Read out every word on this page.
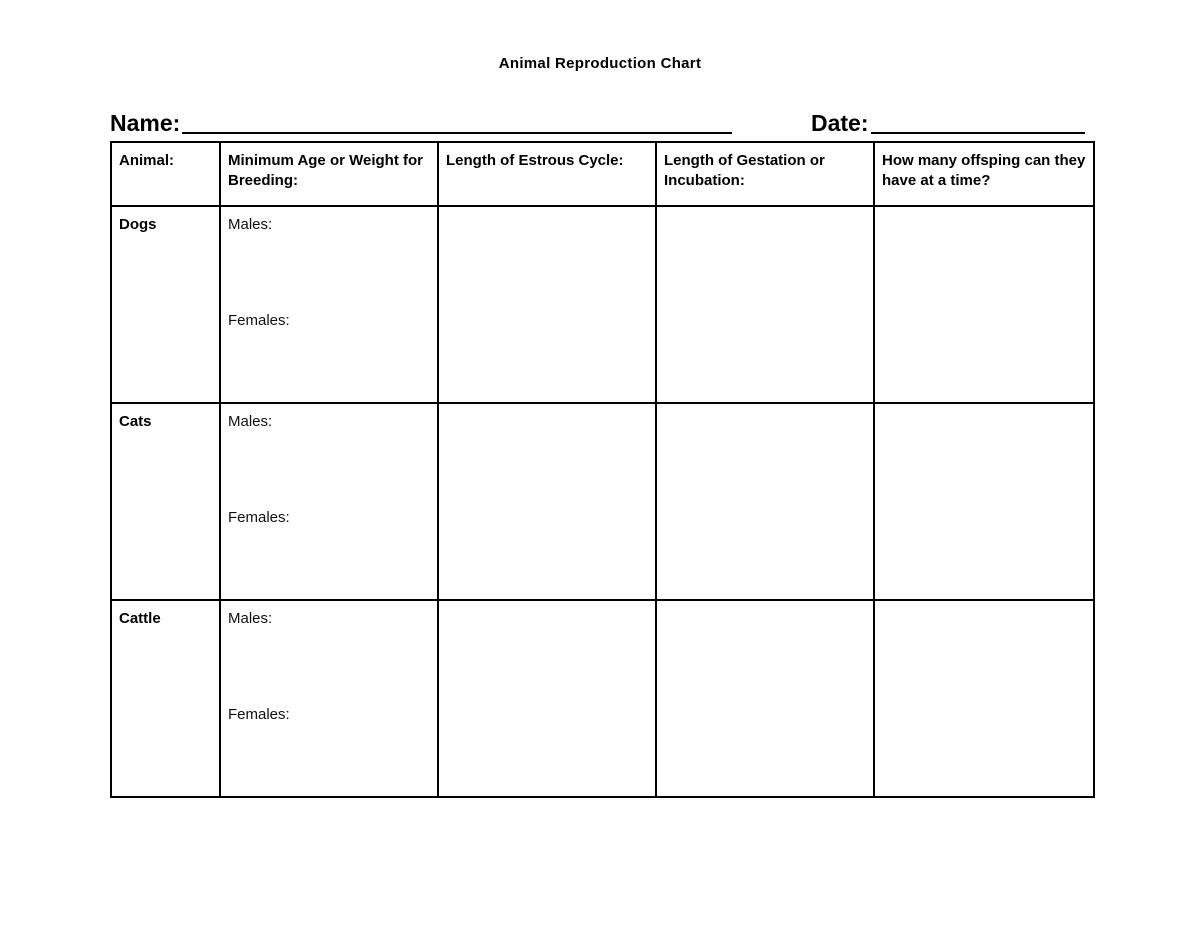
Animal Reproduction Chart
Name:	Date:
Animal:	Minimum Age or Weight for Breeding:	Length of Estrous Cycle:	Length of Gestation or Incubation:	How many offsping can they have at a time?
Dogs	Males:
Females:			

Cats	Males:
Females:			

Cattle	Males:
Females:			
